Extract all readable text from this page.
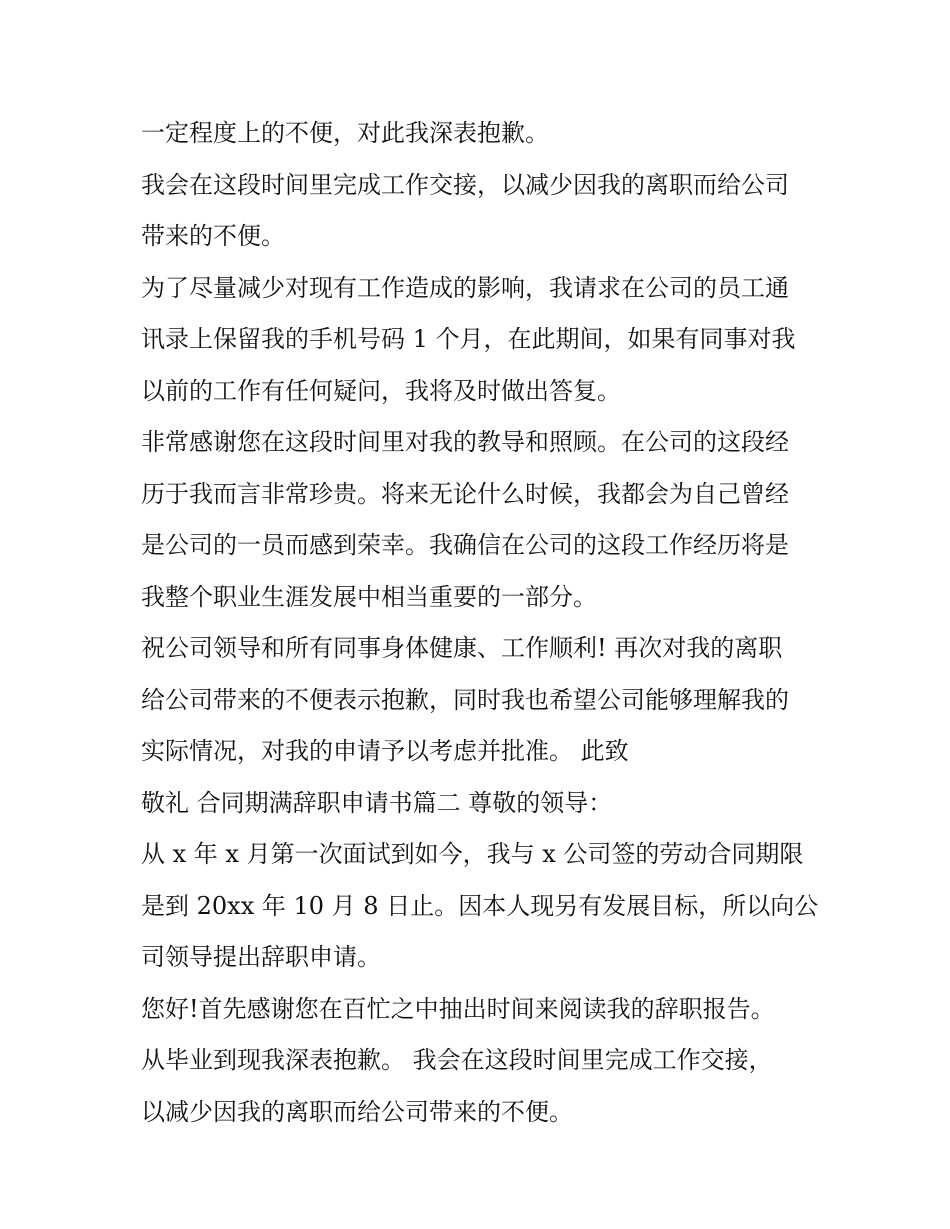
一定程度上的不便，对此我深表抱歉。
我会在这段时间里完成工作交接，以减少因我的离职而给公司
带来的不便。
为了尽量减少对现有工作造成的影响，我请求在公司的员工通
讯录上保留我的手机号码 1 个月，在此期间，如果有同事对我
以前的工作有任何疑问，我将及时做出答复。
非常感谢您在这段时间里对我的教导和照顾。在公司的这段经
历于我而言非常珍贵。将来无论什么时候，我都会为自己曾经
是公司的一员而感到荣幸。我确信在公司的这段工作经历将是
我整个职业生涯发展中相当重要的一部分。
祝公司领导和所有同事身体健康、工作顺利! 再次对我的离职
给公司带来的不便表示抱歉，同时我也希望公司能够理解我的
实际情况，对我的申请予以考虑并批准。 此致
敬礼 合同期满辞职申请书篇二 尊敬的领导：
从 x 年 x 月第一次面试到如今，我与 x 公司签的劳动合同期限
是到 20xx 年 10 月 8 日止。因本人现另有发展目标，所以向公
司领导提出辞职申请。
您好!首先感谢您在百忙之中抽出时间来阅读我的辞职报告。
从毕业到现我深表抱歉。 我会在这段时间里完成工作交接，
以减少因我的离职而给公司带来的不便。
